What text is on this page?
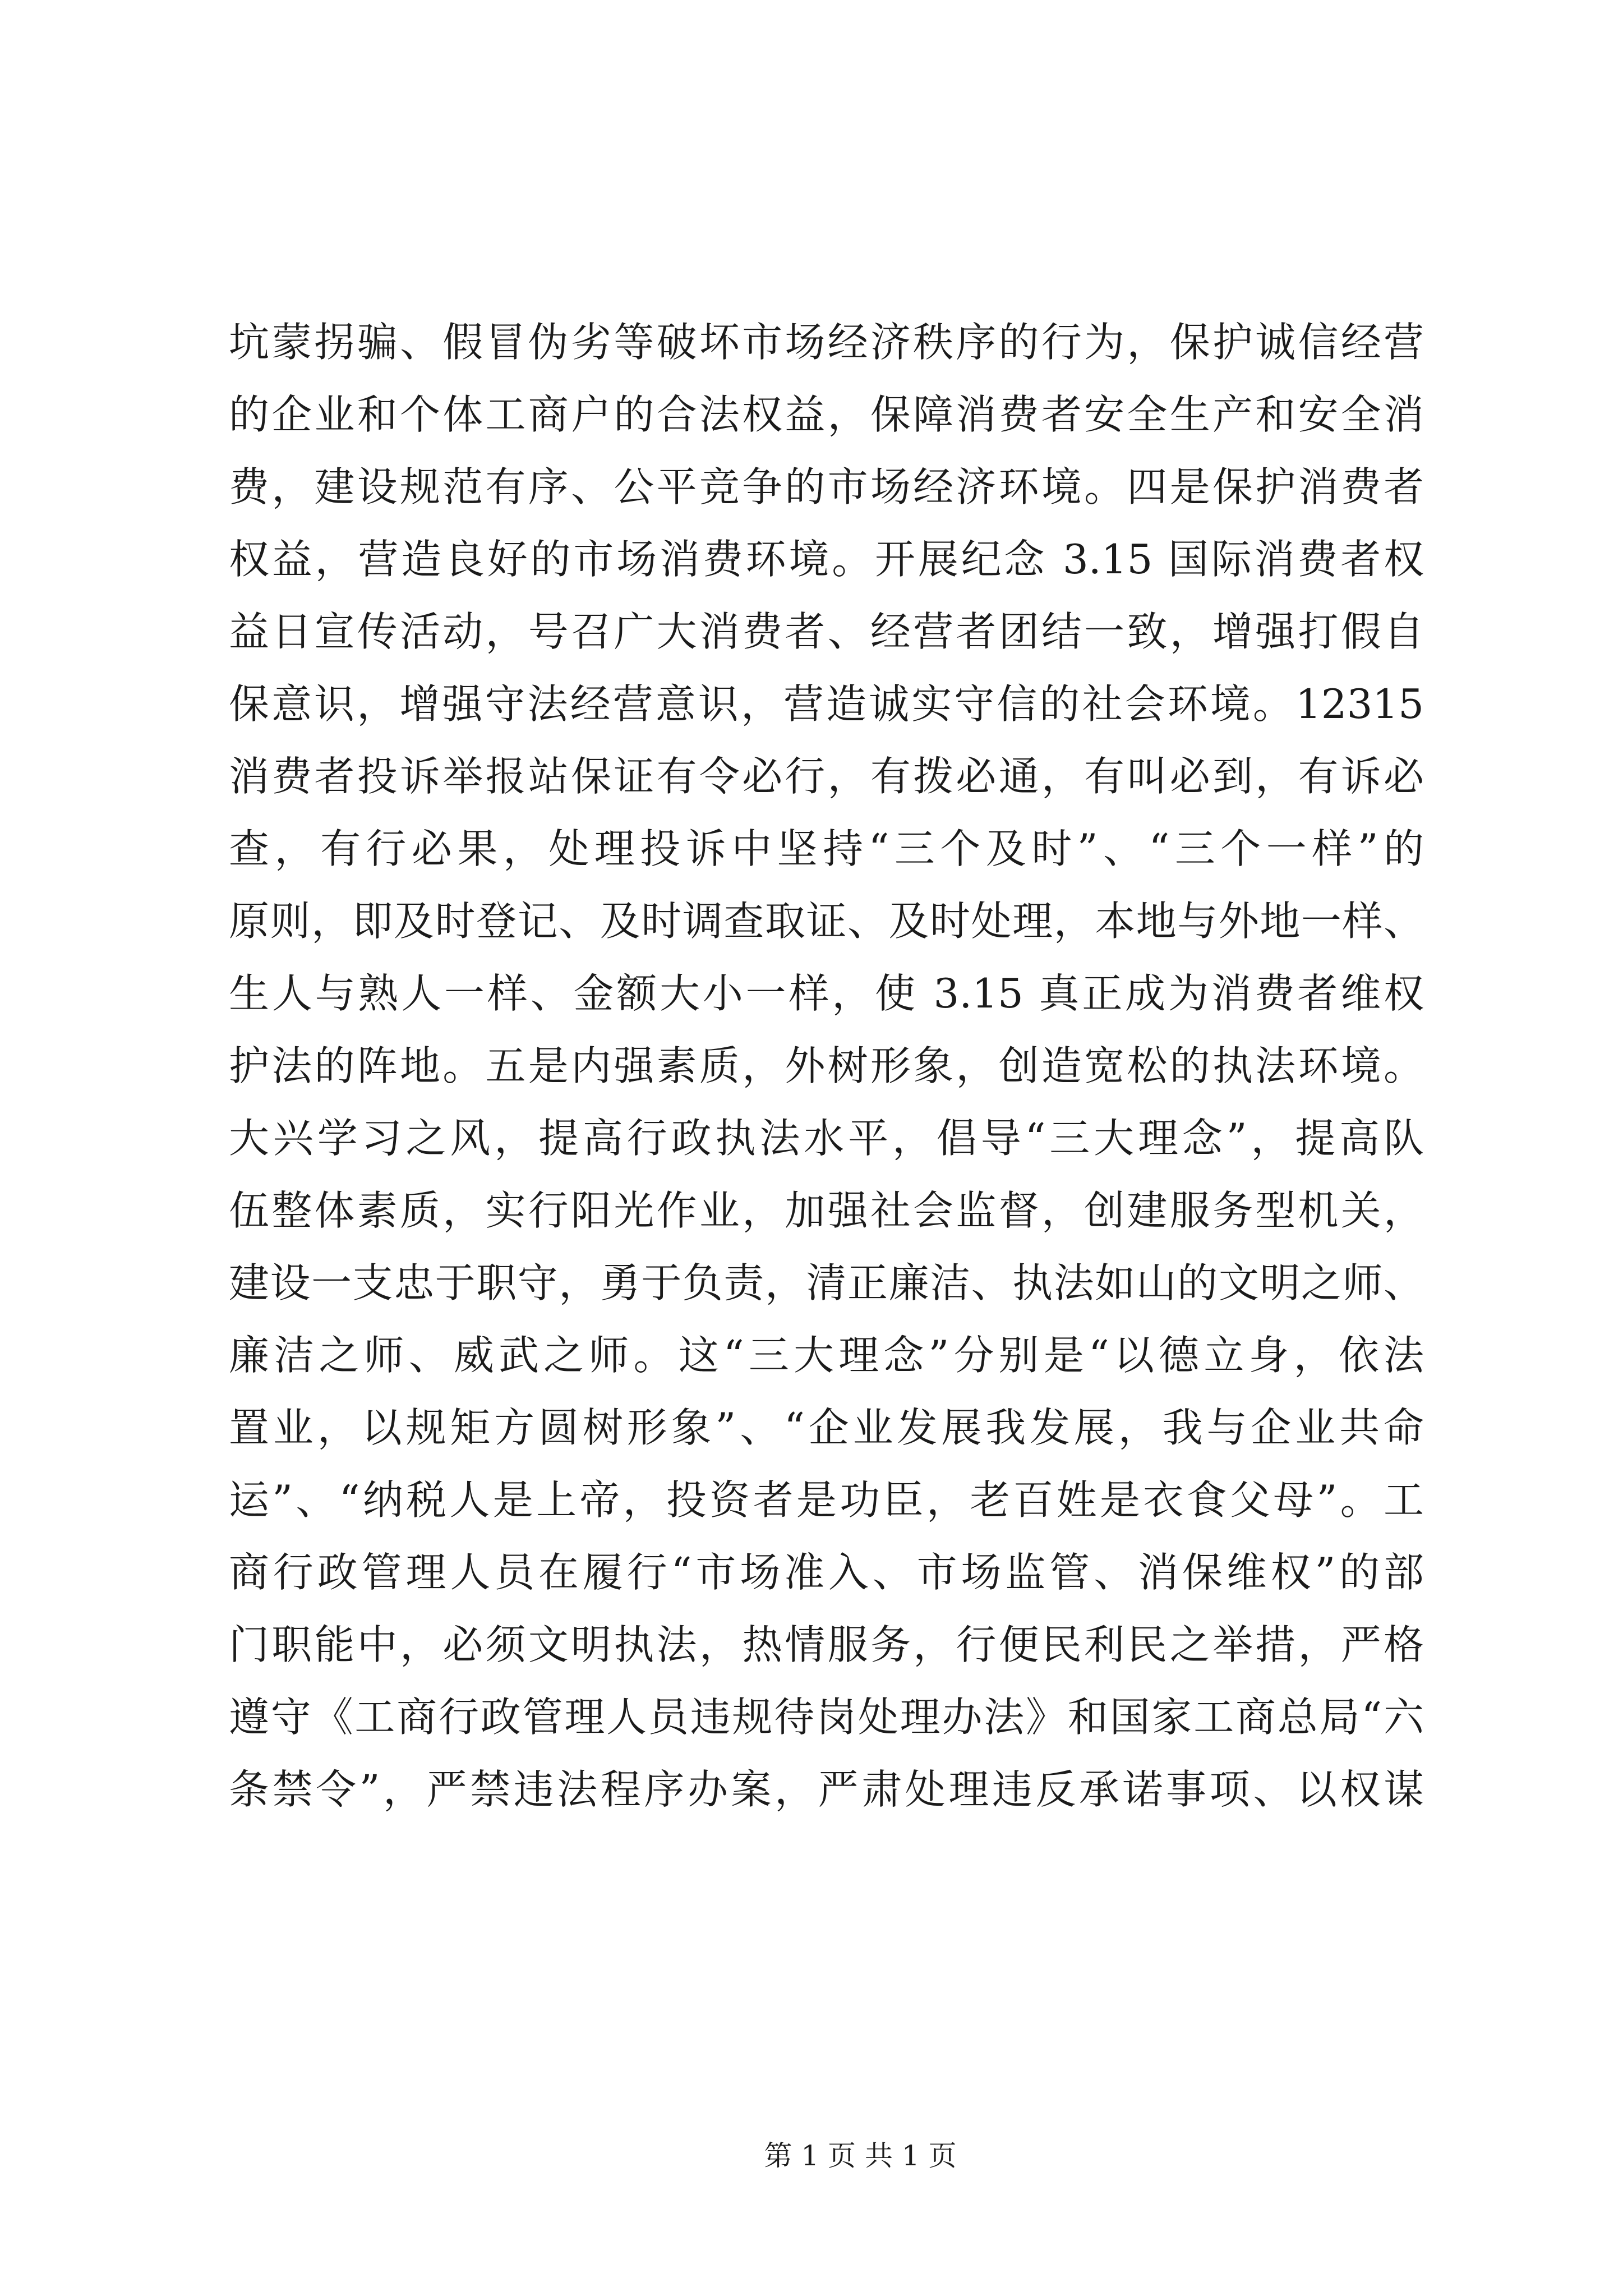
坑蒙拐骗、假冒伪劣等破坏市场经济秩序的行为，保护诚信经营
的企业和个体工商户的合法权益，保障消费者安全生产和安全消
费，建设规范有序、公平竞争的市场经济环境。四是保护消费者
权益，营造良好的市场消费环境。开展纪念 3.15 国际消费者权
益日宣传活动，号召广大消费者、经营者团结一致，增强打假自
保意识，增强守法经营意识，营造诚实守信的社会环境。12315
消费者投诉举报站保证有令必行，有拨必通，有叫必到，有诉必
查，有行必果，处理投诉中坚持“三个及时”、“三个一样”的
原则，即及时登记、及时调查取证、及时处理，本地与外地一样、
生人与熟人一样、金额大小一样，使 3.15 真正成为消费者维权
护法的阵地。五是内强素质，外树形象，创造宽松的执法环境。
大兴学习之风，提高行政执法水平，倡导“三大理念”，提高队
伍整体素质，实行阳光作业，加强社会监督，创建服务型机关，
建设一支忠于职守，勇于负责，清正廉洁、执法如山的文明之师、
廉洁之师、威武之师。这“三大理念”分别是“以德立身，依法
置业，以规矩方圆树形象”、“企业发展我发展，我与企业共命
运”、“纳税人是上帝，投资者是功臣，老百姓是衣食父母”。工
商行政管理人员在履行“市场准入、市场监管、消保维权”的部
门职能中，必须文明执法，热情服务，行便民利民之举措，严格
遵守《工商行政管理人员违规待岗处理办法》和国家工商总局“六
条禁令”，严禁违法程序办案，严肃处理违反承诺事项、以权谋
第 1 页 共 1 页
